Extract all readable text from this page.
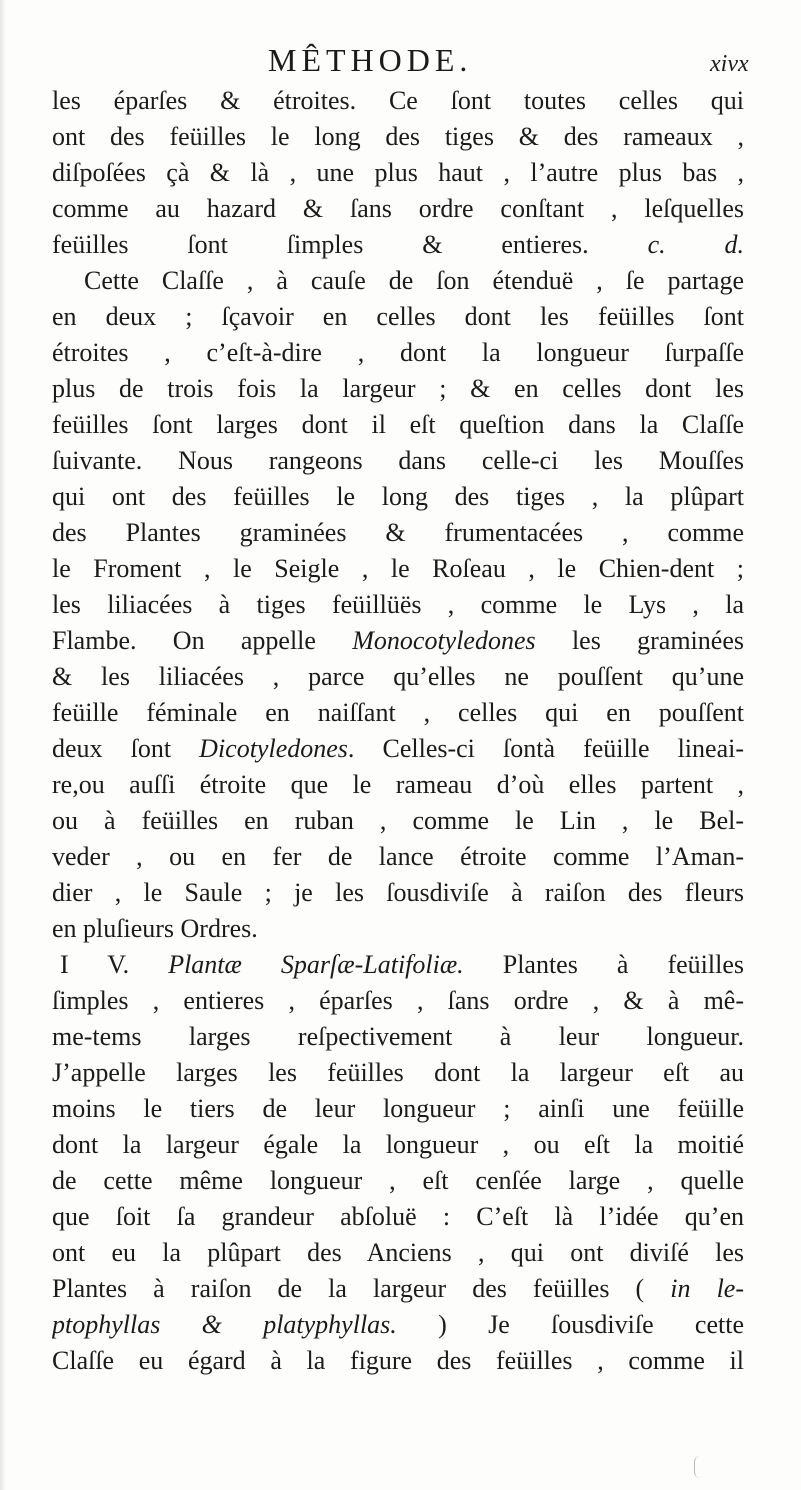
MÊTHODE.	xivx
les éparſes & étroites. Ce ſont toutes celles qui
ont des feüilles le long des tiges & des rameaux ,
diſpoſées çà & là , une plus haut , l’autre plus bas ,
comme au hazard & ſans ordre conſtant , leſquelles
feüilles ſont ſimples & entieres. c. d.
Cette Claſſe , à cauſe de ſon étenduë , ſe partage
en deux ; ſçavoir en celles dont les feüilles ſont
étroites , c’eſt-à-dire , dont la longueur ſurpaſſe
plus de trois fois la largeur ; & en celles dont les
feüilles ſont larges dont il eſt queſtion dans la Claſſe
ſuivante. Nous rangeons dans celle-ci les Mouſſes
qui ont des feüilles le long des tiges , la plûpart
des Plantes graminées & frumentacées , comme
le Froment , le Seigle , le Roſeau , le Chien-dent ;
les liliacées à tiges feüillüës , comme le Lys , la
Flambe. On appelle Monocotyledones les graminées
& les liliacées , parce qu’elles ne pouſſent qu’une
feüille féminale en naiſſant , celles qui en pouſſent
deux ſont Dicotyledones. Celles-ci ſontà feüille lineai-
re,ou auſſi étroite que le rameau d’où elles partent ,
ou à feüilles en ruban , comme le Lin , le Bel-
veder , ou en fer de lance étroite comme l’Aman-
dier , le Saule ; je les ſousdiviſe à raiſon des fleurs
en pluſieurs Ordres.
I V. Plantæ Sparſæ-Latifoliæ. Plantes à feüilles
ſimples , entieres , éparſes , ſans ordre , & à mê-
me-tems larges reſpectivement à leur longueur.
J’appelle larges les feüilles dont la largeur eſt au
moins le tiers de leur longueur ; ainſi une feüille
dont la largeur égale la longueur , ou eſt la moitié
de cette même longueur , eſt cenſée large , quelle
que ſoit ſa grandeur abſoluë : C’eſt là l’idée qu’en
ont eu la plûpart des Anciens , qui ont diviſé les
Plantes à raiſon de la largeur des feüilles ( in le-
ptophyllas & platyphyllas. ) Je ſousdiviſe cette
Claſſe eu égard à la figure des feüilles , comme il
